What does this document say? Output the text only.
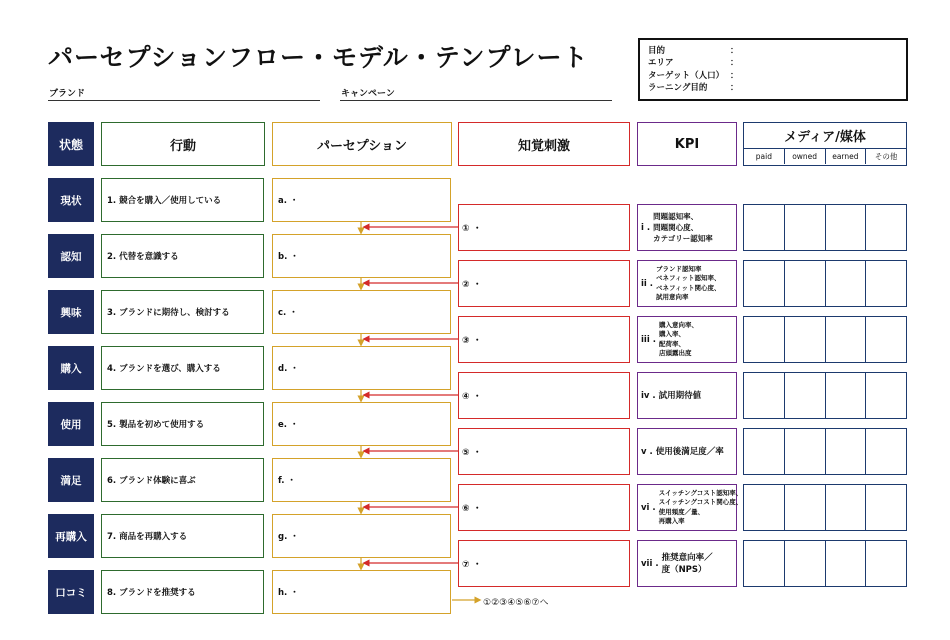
パーセプションフロー・モデル・テンプレート
ブランド	キャンペーン
目的	：
エリア	：
ターゲット（人口） ：
ラーニング目的	：
状態	行動	パーセプション	知覚刺激	KPI	メディア/媒体
paid	owned	earned	その他
現状	1. 競合を購入／使用している	a. ・
認知	2. 代替を意識する	b. ・
興味	3. ブランドに期待し、検討する	c. ・
購入	4. ブランドを選び、購入する	d. ・
使用	5. 製品を初めて使用する	e. ・
満足	6. ブランド体験に喜ぶ	f. ・
再購入	7. 商品を再購入する	g. ・
口コミ	8. ブランドを推奨する	h. ・
① ・	i .
問題認知率、
問題関心度、
カテゴリー認知率
② ・	ii .
ブランド認知率
ベネフィット認知率、
ベネフィット関心度、
試用意向率
③ ・	iii .
購入意向率、
購入率、
配荷率、
店頭露出度
④ ・	iv . 試用期待値
⑤ ・	v . 使用後満足度／率
⑥ ・	vi .
スイッチングコスト認知率、
スイッチングコスト関心度、
使用頻度／量、
再購入率
⑦ ・	vii .
推奨意向率／
度（NPS）
①②③④⑤⑥⑦へ
